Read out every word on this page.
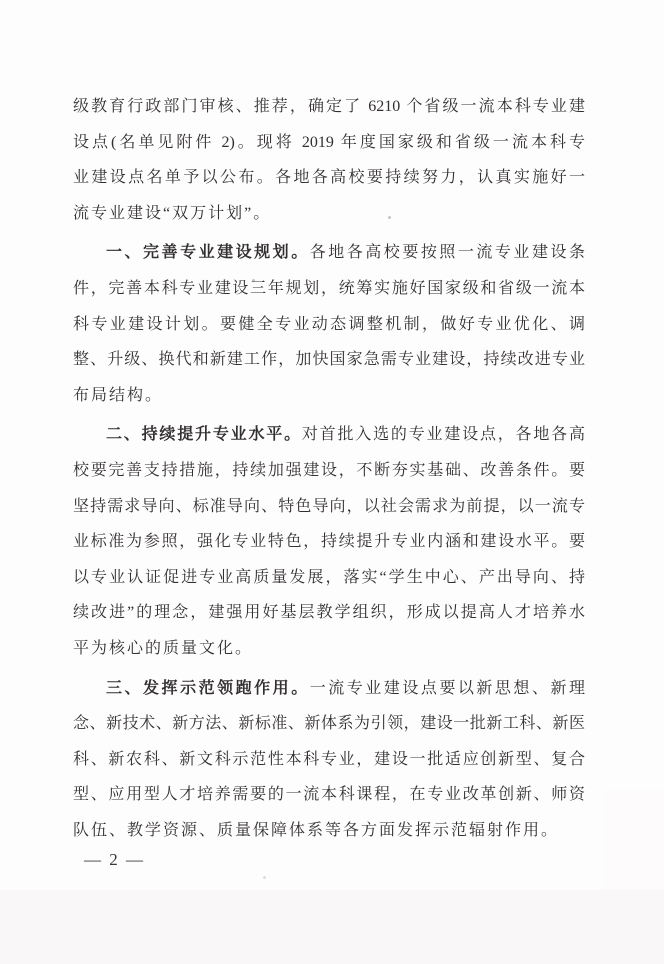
级教育行政部门审核、推荐，确定了 6210 个省级一流本科专业建
设点(名单见附件 2)。现将 2019 年度国家级和省级一流本科专
业建设点名单予以公布。各地各高校要持续努力，认真实施好一
流专业建设“双万计划”。
一、完善专业建设规划。各地各高校要按照一流专业建设条
件，完善本科专业建设三年规划，统筹实施好国家级和省级一流本
科专业建设计划。要健全专业动态调整机制，做好专业优化、调
整、升级、换代和新建工作，加快国家急需专业建设，持续改进专业
布局结构。
二、持续提升专业水平。对首批入选的专业建设点，各地各高
校要完善支持措施，持续加强建设，不断夯实基础、改善条件。要
坚持需求导向、标准导向、特色导向，以社会需求为前提，以一流专
业标准为参照，强化专业特色，持续提升专业内涵和建设水平。要
以专业认证促进专业高质量发展，落实“学生中心、产出导向、持
续改进”的理念，建强用好基层教学组织，形成以提高人才培养水
平为核心的质量文化。
三、发挥示范领跑作用。一流专业建设点要以新思想、新理
念、新技术、新方法、新标准、新体系为引领，建设一批新工科、新医
科、新农科、新文科示范性本科专业，建设一批适应创新型、复合
型、应用型人才培养需要的一流本科课程，在专业改革创新、师资
队伍、教学资源、质量保障体系等各方面发挥示范辐射作用。
— 2 —
